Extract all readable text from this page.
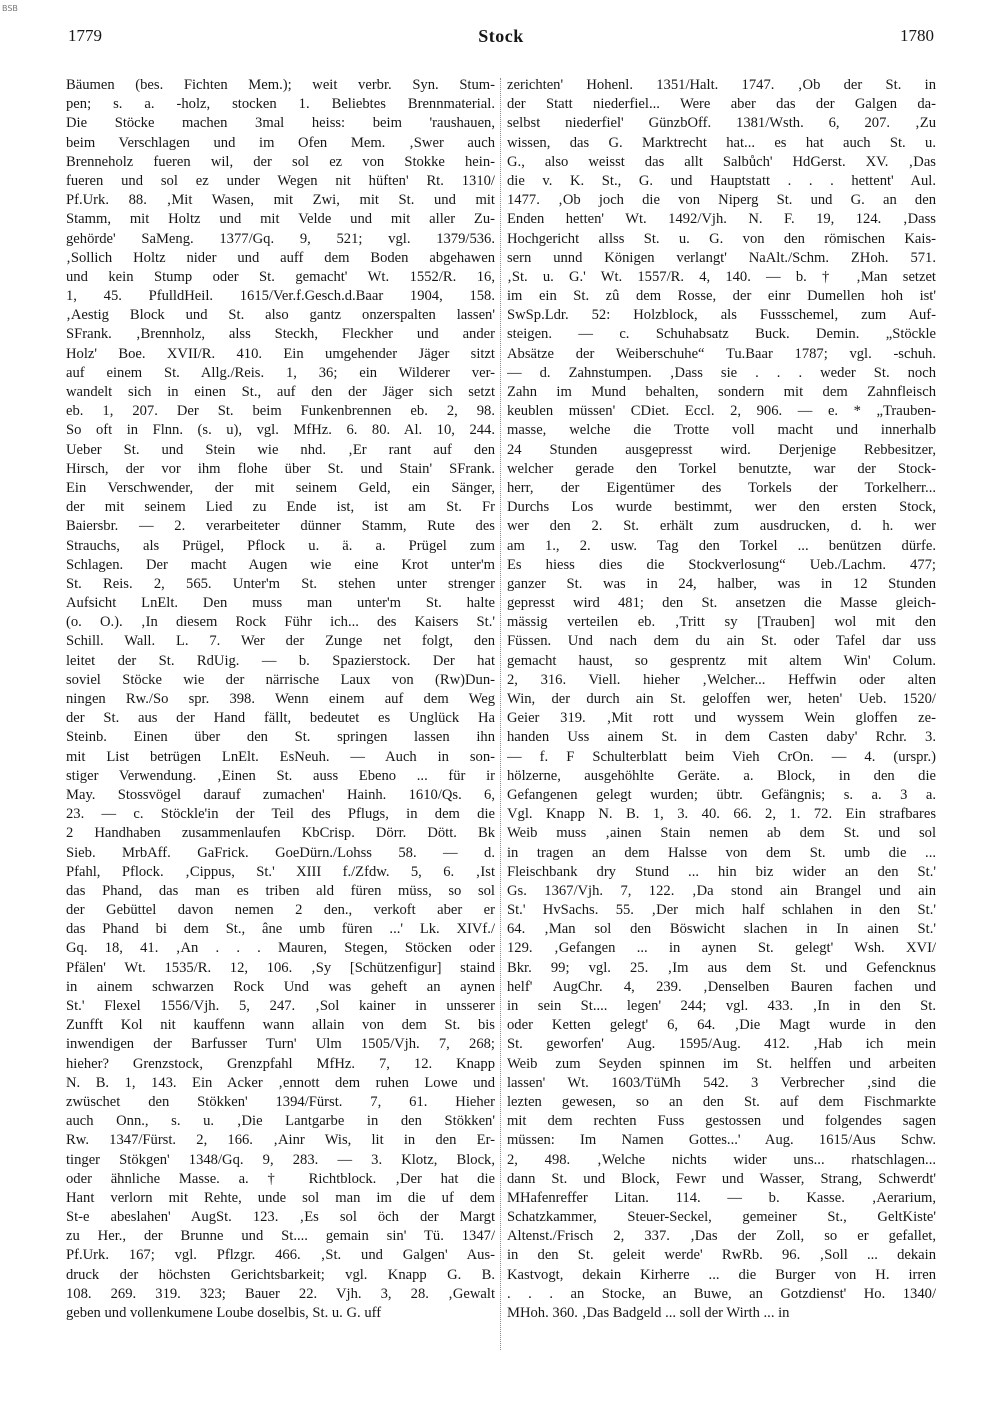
BSB
1779	Stock	1780
Bäumen (bes. Fichten Mem.); weit verbr. Syn. Stum-
pen; s. a. -holz, stocken 1. Beliebtes Brennmaterial.
Die Stöcke machen 3mal heiss: beim 'raushauen,
beim Verschlagen und im Ofen Mem. ‚Swer auch
Brenneholz fueren wil, der sol ez von Stokke hein-
fueren und sol ez under Wegen nit hüften' Rt. 1310/
Pf.Urk. 88. ‚Mit Wasen, mit Zwi, mit St. und mit
Stamm, mit Holtz und mit Velde und mit aller Zu-
gehörde' SaMeng. 1377/Gq. 9, 521; vgl. 1379/536.
‚Sollich Holtz nider und auff dem Boden abgehawen
und kein Stump oder St. gemacht' Wt. 1552/R. 16,
1, 45. PfulldHeil. 1615/Ver.f.Gesch.d.Baar 1904, 158.
‚Aestig Block und St. also gantz onzerspalten lassen'
SFrank. ‚Brennholz, alss Steckh, Fleckher und ander
Holz' Boe. XVII/R. 410. Ein umgehender Jäger sitzt
auf einem St. Allg./Reis. 1, 36; ein Wilderer ver-
wandelt sich in einen St., auf den der Jäger sich setzt
eb. 1, 207. Der St. beim Funkenbrennen eb. 2, 98.
So oft in Flnn. (s. u), vgl. MfHz. 6. 80. Al. 10, 244.
Ueber St. und Stein wie nhd. ‚Er rant auf den
Hirsch, der vor ihm flohe über St. und Stain' SFrank.
Ein Verschwender, der mit seinem Geld, ein Sänger,
der mit seinem Lied zu Ende ist, ist am St. Fr
Baiersbr. — 2. verarbeiteter dünner Stamm, Rute des
Strauchs, als Prügel, Pflock u. ä. a. Prügel zum
Schlagen. Der macht Augen wie eine Krot unter'm
St. Reis. 2, 565. Unter'm St. stehen unter strenger
Aufsicht LnElt. Den muss man unter'm St. halte
(o. O.). ‚In diesem Rock Führ ich... des Kaisers St.'
Schill. Wall. L. 7. Wer der Zunge net folgt, den
leitet der St. RdUig. — b. Spazierstock. Der hat
soviel Stöcke wie der närrische Laux von (Rw)Dun-
ningen Rw./So spr. 398. Wenn einem auf dem Weg
der St. aus der Hand fällt, bedeutet es Unglück Ha
Steinb. Einen über den St. springen lassen ihn
mit List betrügen LnElt. EsNeuh. — Auch in son-
stiger Verwendung. ‚Einen St. auss Ebeno ... für ir
May. Stossvögel darauf zumachen' Hainh. 1610/Qs. 6,
23. — c. Stöckle'in der Teil des Pflugs, in dem die
2 Handhaben zusammenlaufen KbCrisp. Dörr. Dött. Bk
Sieb. MrbAff. GaFrick. GoeDürn./Lohss 58. — d.
Pfahl, Pflock. ‚Cippus, St.' XIII f./Zfdw. 5, 6. ‚Ist
das Phand, das man es triben ald füren müss, so sol
der Gebüttel davon nemen 2 den., verkoft aber er
das Phand bi dem St., âne umb füren ...' Lk. XIVf./
Gq. 18, 41. ‚An . . . Mauren, Stegen, Stöcken oder
Pfälen' Wt. 1535/R. 12, 106. ‚Sy [Schützenfigur] staind
in ainem schwarzen Rock Und was geheft an aynen
St.' Flexel 1556/Vjh. 5, 247. ‚Sol kainer in unsserer
Zunfft Kol nit kauffenn wann allain von dem St. bis
inwendigen der Barfusser Turn' Ulm 1505/Vjh. 7, 268;
hieher? Grenzstock, Grenzpfahl MfHz. 7, 12. Knapp
N. B. 1, 143. Ein Acker ‚ennott dem ruhen Lowe und
zwüschet den Stökken' 1394/Fürst. 7, 61. Hieher
auch Onn., s. u. ‚Die Lantgarbe in den Stökken'
Rw. 1347/Fürst. 2, 166. ‚Ainr Wis, lit in den Er-
tinger Stökgen' 1348/Gq. 9, 283. — 3. Klotz, Block,
oder ähnliche Masse. a. † Richtblock. ‚Der hat die
Hant verlorn mit Rehte, unde sol man im die uf dem
St-e abeslahen' AugSt. 123. ‚Es sol öch der Margt
zu Her., der Brunne und St.... gemain sin' Tü. 1347/
Pf.Urk. 167; vgl. Pflzgr. 466. ‚St. und Galgen' Aus-
druck der höchsten Gerichtsbarkeit; vgl. Knapp G. B.
108. 269. 319. 323; Bauer 22. Vjh. 3, 28. ‚Gewalt
geben und vollenkumene Loube doselbis, St. u. G. uff
zerichten' Hohenl. 1351/Halt. 1747. ‚Ob der St. in
der Statt niederfiel... Were aber das der Galgen da-
selbst niederfiel' GünzbOff. 1381/Wsth. 6, 207. ‚Zu
wissen, das G. Marktrecht hat... es hat auch St. u.
G., also weisst das allt Salbůch' HdGerst. XV. ‚Das
die v. K. St., G. und Hauptstatt . . . hettent' Aul.
1477. ‚Ob joch die von Niperg St. und G. an den
Enden hetten' Wt. 1492/Vjh. N. F. 19, 124. ‚Dass
Hochgericht allss St. u. G. von den römischen Kais-
sern unnd Königen verlangt' NaAlt./Schm. ZHoh. 571.
‚St. u. G.' Wt. 1557/R. 4, 140. — b. † ‚Man setzet
im ein St. zû dem Rosse, der einr Dumellen hoh ist'
SwSp.Ldr. 52: Holzblock, als Fussschemel, zum Auf-
steigen. — c. Schuhabsatz Buck. Demin. „Stöckle
Absätze der Weiberschuhe“ Tu.Baar 1787; vgl. -schuh.
— d. Zahnstumpen. ‚Dass sie . . . weder St. noch
Zahn im Mund behalten, sondern mit dem Zahnfleisch
keublen müssen' CDiet. Eccl. 2, 906. — e. * „Trauben-
masse, welche die Trotte voll macht und innerhalb
24 Stunden ausgepresst wird. Derjenige Rebbesitzer,
welcher gerade den Torkel benutzte, war der Stock-
herr, der Eigentümer des Torkels der Torkelherr...
Durchs Los wurde bestimmt, wer den ersten Stock,
wer den 2. St. erhält zum ausdrucken, d. h. wer
am 1., 2. usw. Tag den Torkel ... benützen dürfe.
Es hiess dies die Stockverlosung“ Ueb./Lachm. 477;
ganzer St. was in 24, halber, was in 12 Stunden
gepresst wird 481; den St. ansetzen die Masse gleich-
mässig verteilen eb. ‚Tritt sy [Trauben] wol mit den
Füssen. Und nach dem du ain St. oder Tafel dar uss
gemacht haust, so gesprentz mit altem Win' Colum.
2, 316. Viell. hieher ‚Welcher... Heffwin oder alten
Win, der durch ain St. geloffen wer, heten' Ueb. 1520/
Geier 319. ‚Mit rott und wyssem Wein gloffen ze-
handen Uss ainem St. in dem Casten daby' Rchr. 3.
— f. F Schulterblatt beim Vieh CrOn. — 4. (urspr.)
hölzerne, ausgehöhlte Geräte. a. Block, in den die
Gefangenen gelegt wurden; übtr. Gefängnis; s. a. 3 a.
Vgl. Knapp N. B. 1, 3. 40. 66. 2, 1. 72. Ein strafbares
Weib muss ‚ainen Stain nemen ab dem St. und sol
in tragen an dem Halsse von dem St. umb die ...
Fleischbank dry Stund ... hin biz wider an den St.'
Gs. 1367/Vjh. 7, 122. ‚Da stond ain Brangel und ain
St.' HvSachs. 55. ‚Der mich half schlahen in den St.'
64. ‚Man sol den Böswicht slachen in In ainen St.'
129. ‚Gefangen ... in aynen St. gelegt' Wsh. XVI/
Bkr. 99; vgl. 25. ‚Im aus dem St. und Gefencknus
helf' AugChr. 4, 239. ‚Denselben Bauren fachen und
in sein St.... legen' 244; vgl. 433. ‚In in den St.
oder Ketten gelegt' 6, 64. ‚Die Magt wurde in den
St. geworfen' Aug. 1595/Aug. 412. ‚Hab ich mein
Weib zum Seyden spinnen im St. helffen und arbeiten
lassen' Wt. 1603/TüMh 542. 3 Verbrecher ‚sind die
lezten gewesen, so an den St. auf dem Fischmarkte
mit dem rechten Fuss gestossen und folgendes sagen
müssen: Im Namen Gottes...' Aug. 1615/Aus Schw.
2, 498. ‚Welche nichts wider uns... rhatschlagen...
dann St. und Block, Fewr und Wasser, Strang, Schwerdt'
MHafenreffer Litan. 114. — b. Kasse. ‚Aerarium,
Schatzkammer, Steuer-Seckel, gemeiner St., GeltKiste'
Altenst./Frisch 2, 337. ‚Das der Zoll, so er gefallet,
in den St. geleit werde' RwRb. 96. ‚Soll ... dekain
Kastvogt, dekain Kirherre ... die Burger von H. irren
. . . an Stocke, an Buwe, an Gotzdienst' Ho. 1340/
MHoh. 360. ‚Das Badgeld ... soll der Wirth ... in
